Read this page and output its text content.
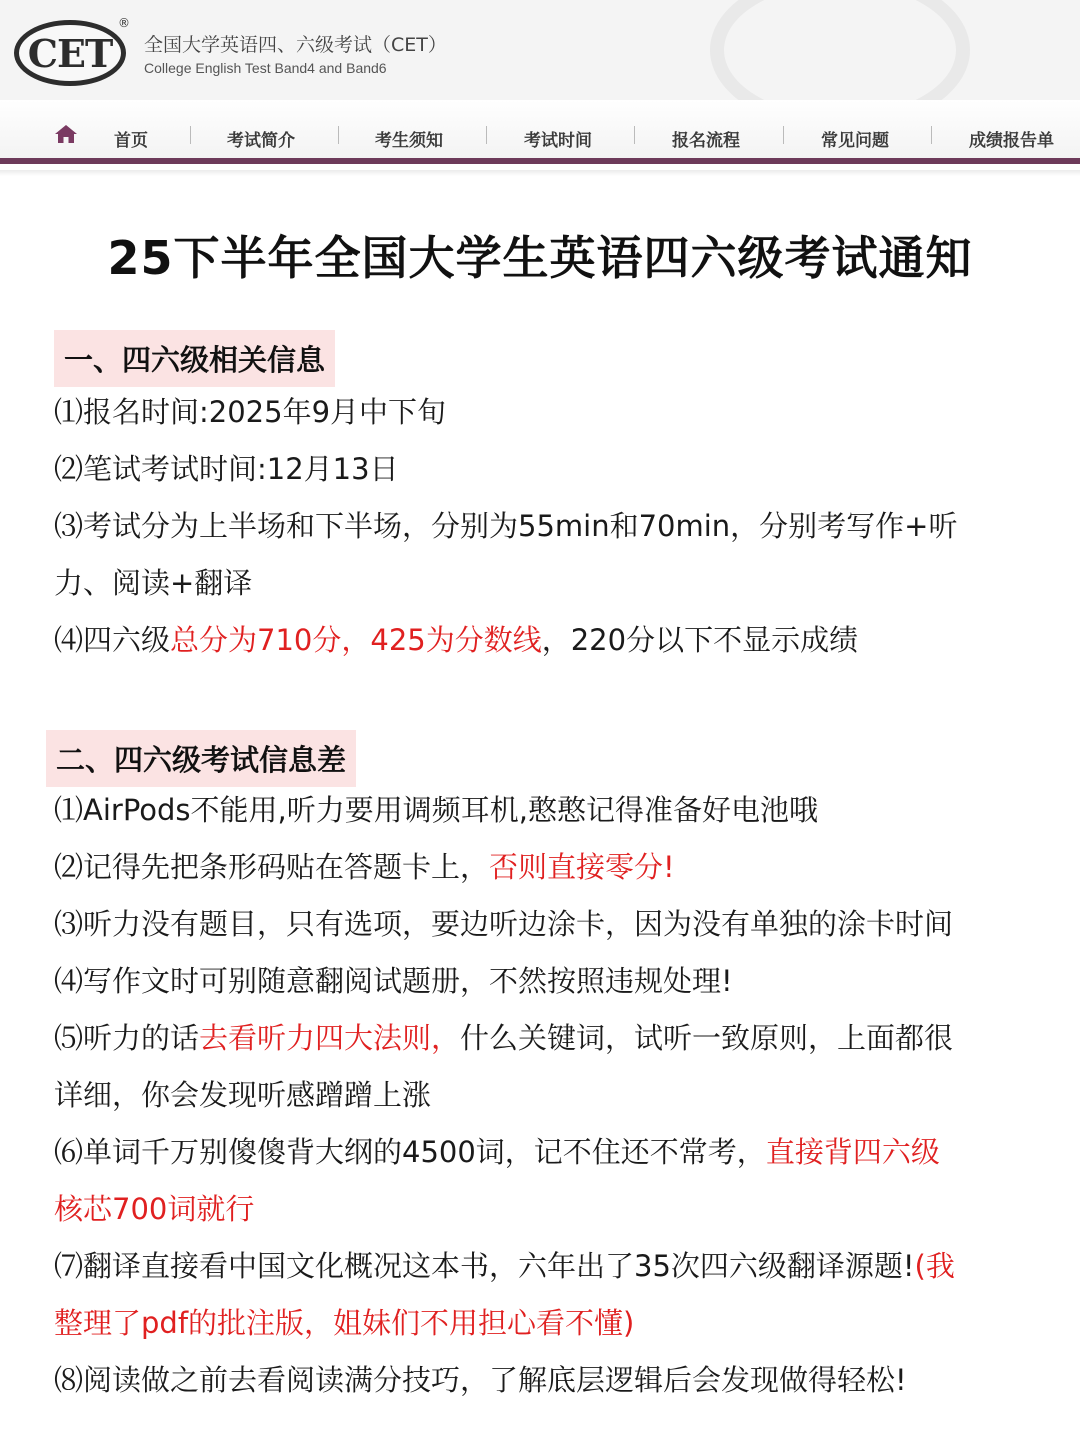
CET
®
全国大学英语四、六级考试（CET）
College English Test Band4 and Band6
首页	考试简介	考生须知	考试时间	报名流程	常见问题	成绩报告单
25下半年全国大学生英语四六级考试通知
一、四六级相关信息
⑴报名时间:2025年9月中下旬
⑵笔试考试时间:12月13日
⑶考试分为上半场和下半场，分别为55min和70min，分别考写作+听
力、阅读+翻译
⑷四六级总分为710分，425为分数线，220分以下不显示成绩
二、四六级考试信息差
⑴AirPods不能用,听力要用调频耳机,憨憨记得准备好电池哦
⑵记得先把条形码贴在答题卡上，否则直接零分!
⑶听力没有题目，只有选项，要边听边涂卡，因为没有单独的涂卡时间
⑷写作文时可别随意翻阅试题册，不然按照违规处理!
⑸听力的话去看听力四大法则，什么关键词，试听一致原则，上面都很
详细，你会发现听感蹭蹭上涨
⑹单词千万别傻傻背大纲的4500词，记不住还不常考，直接背四六级
核芯700词就行
⑺翻译直接看中国文化概况这本书，六年出了35次四六级翻译源题!(我
整理了pdf的批注版，姐妹们不用担心看不懂)
⑻阅读做之前去看阅读满分技巧，了解底层逻辑后会发现做得轻松!
